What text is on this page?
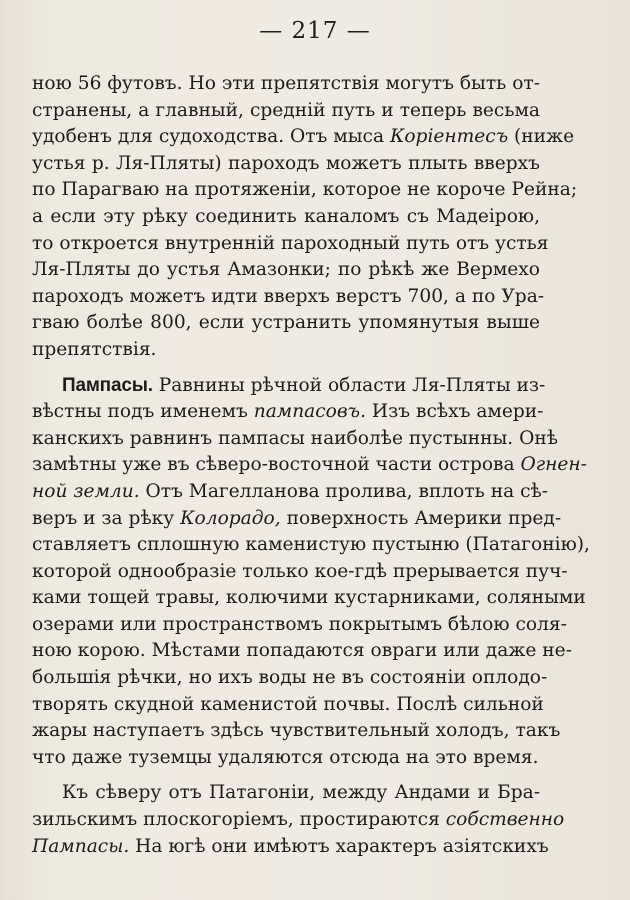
— 217 —
ною 56 футовъ. Но эти препятствія могутъ быть от-
странены, а главный, средній путь и теперь весьма
удобенъ для судоходства. Отъ мыса Коріентесъ (ниже
устья р. Ля-Пляты) пароходъ можетъ плыть вверхъ
по Парагваю на протяженіи, которое не короче Рейна;
а если эту рѣку соединить каналомъ съ Мадеірою,
то откроется внутренній пароходный путь отъ устья
Ля-Пляты до устья Амазонки; по рѣкѣ же Вермехо
пароходъ можетъ идти вверхъ верстъ 700, а по Ура-
гваю болѣе 800, если устранить упомянутыя выше
препятствія.
Пампасы. Равнины рѣчной области Ля-Пляты из-
вѣстны подъ именемъ пампасовъ. Изъ всѣхъ амери-
канскихъ равнинъ пампасы наиболѣе пустынны. Онѣ
замѣтны уже въ сѣверо-восточной части острова Огнен-
ной земли. Отъ Магелланова пролива, вплоть на сѣ-
веръ и за рѣку Колорадо, поверхность Америки пред-
ставляетъ сплошную каменистую пустыню (Патагонію),
которой однообразіе только кое-гдѣ прерывается пуч-
ками тощей травы, колючими кустарниками, соляными
озерами или пространствомъ покрытымъ бѣлою соля-
ною корою. Мѣстами попадаются овраги или даже не-
большія рѣчки, но ихъ воды не въ состояніи оплодо-
творять скудной каменистой почвы. Послѣ сильной
жары наступаетъ здѣсь чувствительный холодъ, такъ
что даже туземцы удаляются отсюда на это время.
Къ сѣверу отъ Патагоніи, между Андами и Бра-
зильскимъ плоскогоріемъ, простираются собственно
Пампасы. На югѣ они имѣютъ характеръ азіятскихъ
